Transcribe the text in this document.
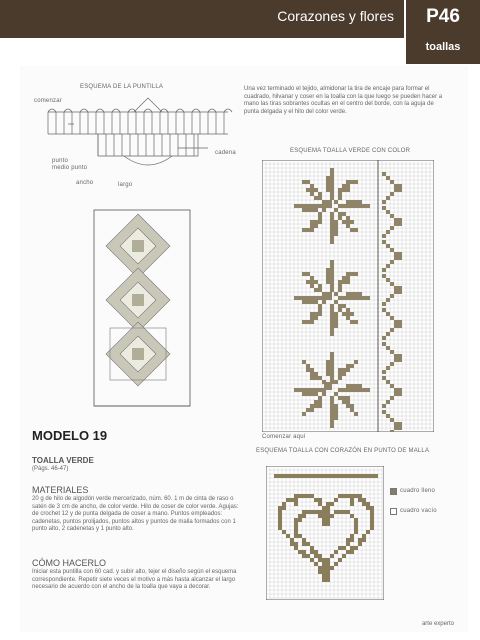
Corazones y flores	P46
toallas
ESQUEMA DE LA PUNTILLA
comenzar
punto
medio punto
cadena
ancho	largo
Una vez terminado el tejido, almidonar la tira de encaje para formar el cuadrado, hilvanar y coser en la toalla con la que luego se pueden hacer a mano las tiras sobrantes ocultas en el centro del borde, con la aguja de punta delgada y el hilo del color verde.
ESQUEMA TOALLA VERDE CON COLOR
Comenzar aquí
MODELO 19
TOALLA VERDE
(Págs. 46-47)
MATERIALES
20 g de hilo de algodón verde mercerizado, núm. 60. 1 m de cinta de raso o satén de 3 cm de ancho, de color verde. Hilo de coser de color verde. Agujas: de crochet 12 y de punta delgada de coser a mano. Puntos empleados: cadenetas, puntos prolijados, puntos altos y puntos de malla formados con 1 punto alto, 2 cadenetas y 1 punto alto.
CÓMO HACERLO
Iniciar esta puntilla con 60 cad. y subir alto, tejer el diseño según el esquema correspondiente. Repetir siete veces el motivo a más hasta alcanzar el largo necesario de acuerdo con el ancho de la toalla que vaya a decorar.
ESQUEMA TOALLA CON CORAZÓN EN PUNTO DE MALLA
cuadro lleno
cuadro vacío
arte experto
